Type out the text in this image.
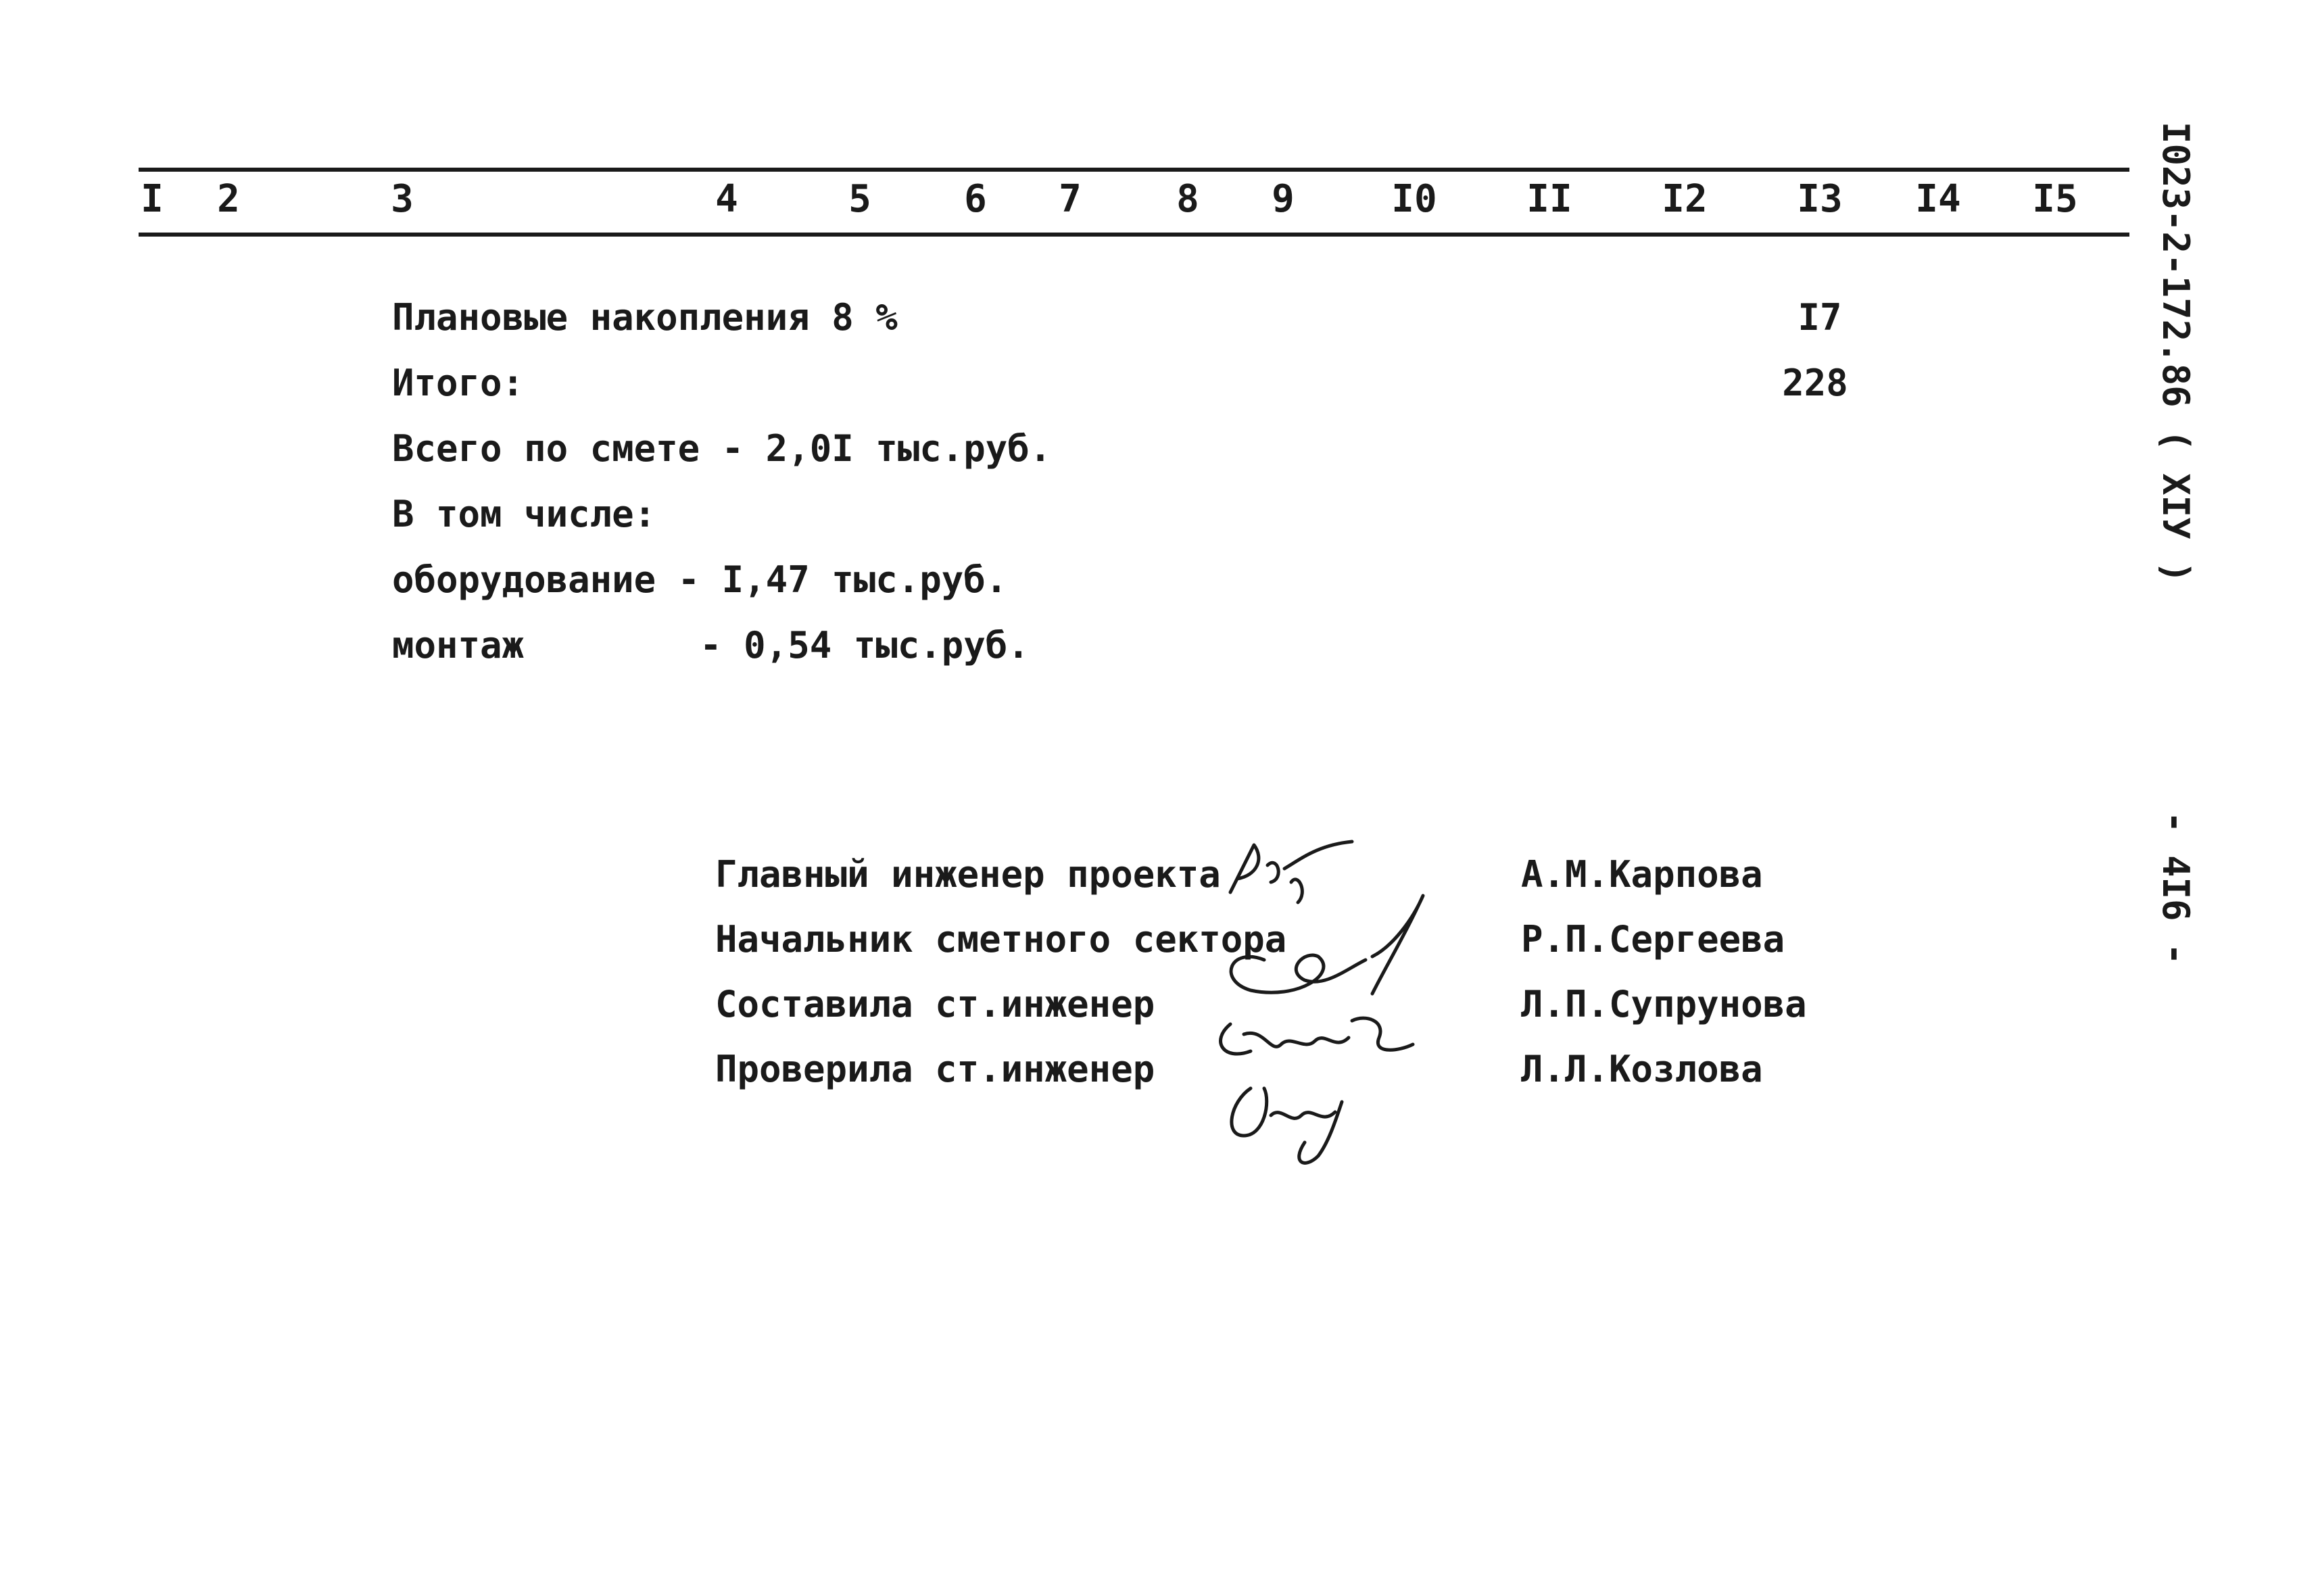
I 2	3	4	5 6 7	8 9	I0 II I2 I3 I4 I5
Плановые накопления 8 %	I7
Итого:	228
Всего по смете - 2,0I тыс.руб.
В том числе:
оборудование - I,47 тыс.руб.
монтаж        - 0,54 тыс.руб.
Главный инженер проекта	А.М.Карпова
Начальник сметного сектора	Р.П.Сергеева
Составила ст.инженер	Л.П.Супрунова
Проверила ст.инженер	Л.Л.Козлова
I023-2-172.86 ( XIУ )
- 4I6 -
